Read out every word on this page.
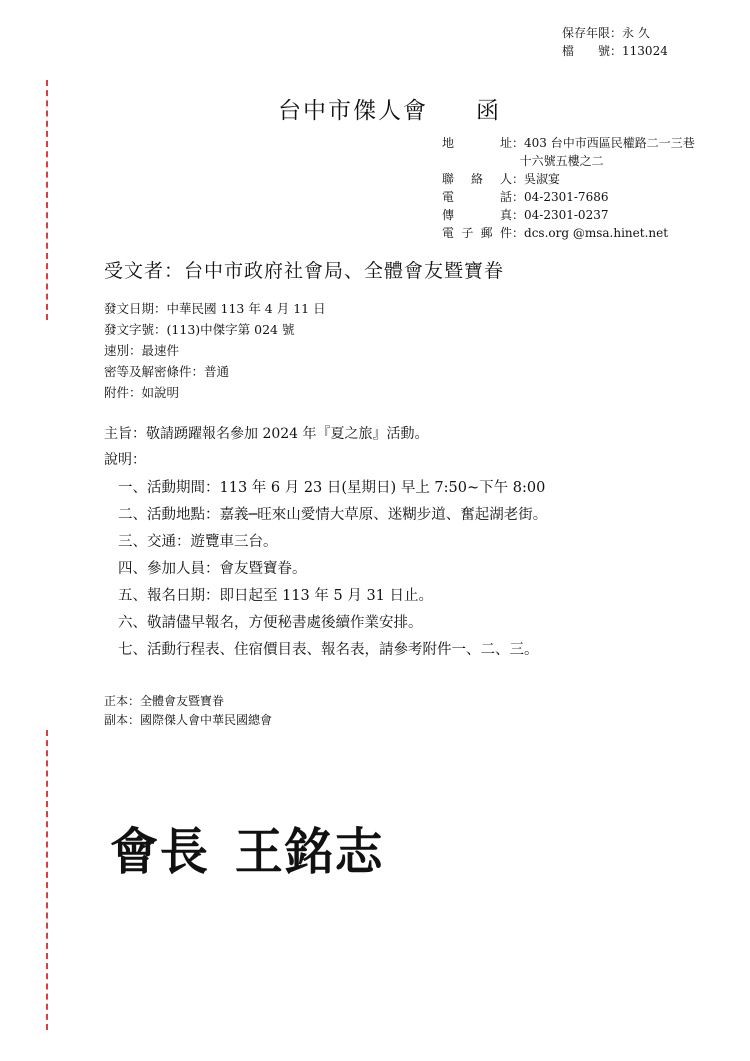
保存年限：永 久
檔　　號：113024
台中市傑人會 函
地　　址：403 台中市西區民權路二一三巷
十六號五樓之二
聯 絡 人：吳淑宴
電　　話：04-2301-7686
傳　　真：04-2301-0237
電子郵件：dcs.org @msa.hinet.net
受文者：台中市政府社會局、全體會友暨寶眷
發文日期：中華民國 113 年 4 月 11 日
發文字號：(113)中傑字第 024 號
速別：最速件
密等及解密條件：普通
附件：如說明
主旨：敬請踴躍報名參加 2024 年『夏之旅』活動。
說明：
一、活動期間：113 年 6 月 23 日(星期日) 早上 7:50~下午 8:00
二、活動地點：嘉義─旺來山愛情大草原、迷糊步道、奮起湖老街。
三、交通：遊覽車三台。
四、參加人員：會友暨寶眷。
五、報名日期：即日起至 113 年 5 月 31 日止。
六、敬請儘早報名，方便秘書處後續作業安排。
七、活動行程表、住宿價目表、報名表，請參考附件一、二、三。
正本：全體會友暨寶眷
副本：國際傑人會中華民國總會
會長 王銘志
